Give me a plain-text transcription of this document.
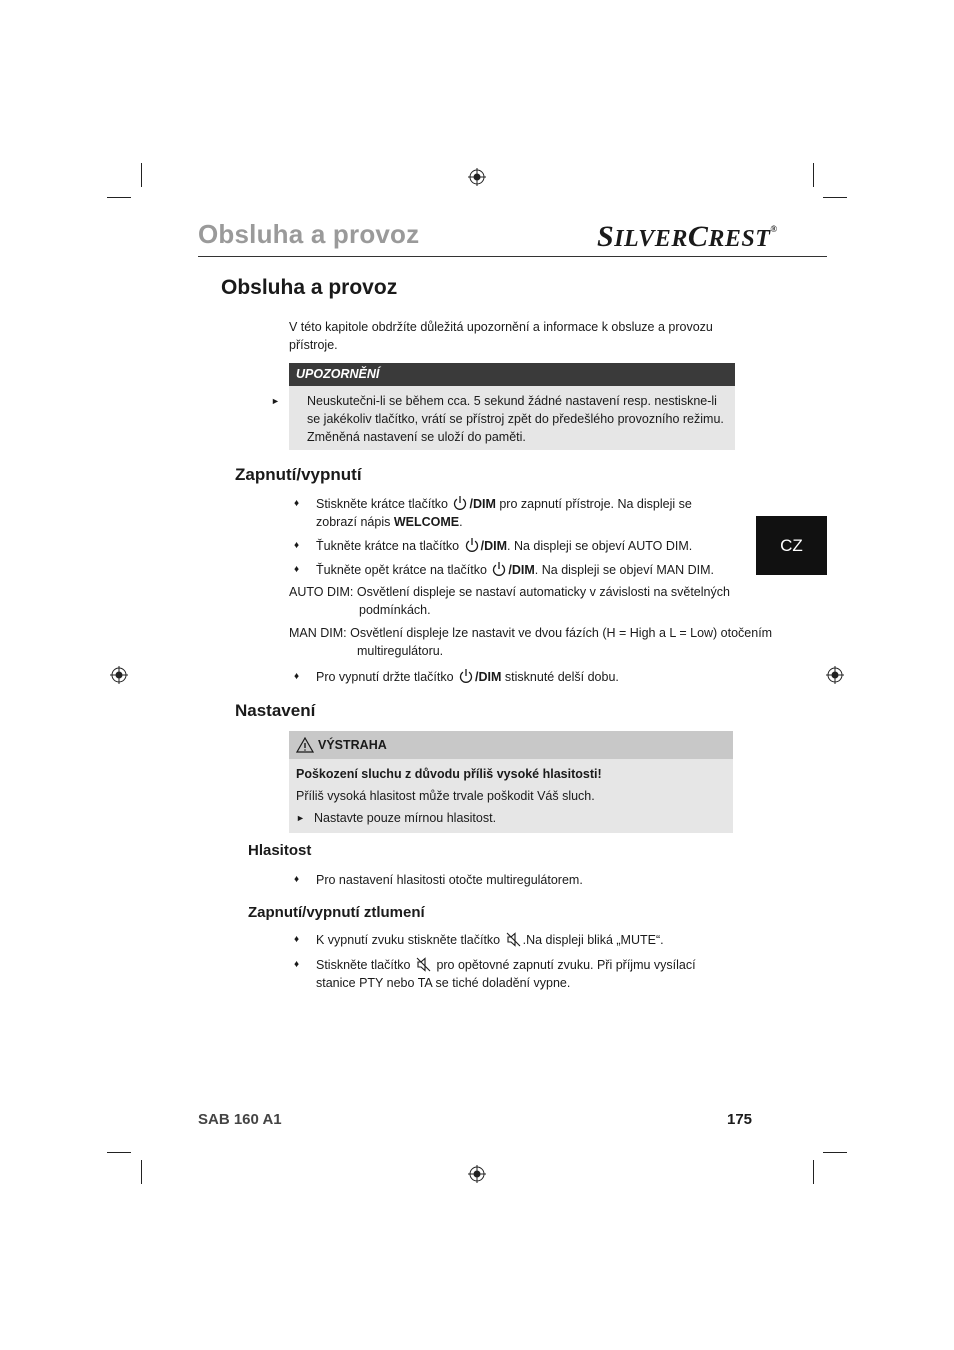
Obsluha a provoz	SILVERCREST®
CZ
Obsluha a provoz
V této kapitole obdržíte důležitá upozornění a informace k obsluze a provozu přístroje.
UPOZORNĚNÍ
► Neuskutečni-li se během cca. 5 sekund žádné nastavení resp. nestiskne-li se jakékoliv tlačítko, vrátí se přístroj zpět do předešlého provozního režimu. Změněná nastavení se uloží do paměti.
Zapnutí/vypnutí
♦ Stiskněte krátce tlačítko /DIM pro zapnutí přístroje. Na displeji se zobrazí nápis WELCOME.
♦ Ťukněte krátce na tlačítko /DIM. Na displeji se objeví AUTO DIM.
♦ Ťukněte opět krátce na tlačítko /DIM. Na displeji se objeví MAN DIM.
AUTO DIM: Osvětlení displeje se nastaví automaticky v závislosti na světelných podmínkách.
MAN DIM: Osvětlení displeje lze nastavit ve dvou fázích (H = High a L = Low) otočením multiregulátoru.
♦ Pro vypnutí držte tlačítko /DIM stisknuté delší dobu.
Nastavení
VÝSTRAHA
Poškození sluchu z důvodu příliš vysoké hlasitosti!
Příliš vysoká hlasitost může trvale poškodit Váš sluch.
► Nastavte pouze mírnou hlasitost.
Hlasitost
♦ Pro nastavení hlasitosti otočte multiregulátorem.
Zapnutí/vypnutí ztlumení
♦ K vypnutí zvuku stiskněte tlačítko .Na displeji bliká „MUTE“.
♦ Stiskněte tlačítko  pro opětovné zapnutí zvuku. Při příjmu vysílací stanice PTY nebo TA se tiché doladění vypne.
SAB 160 A1	175
